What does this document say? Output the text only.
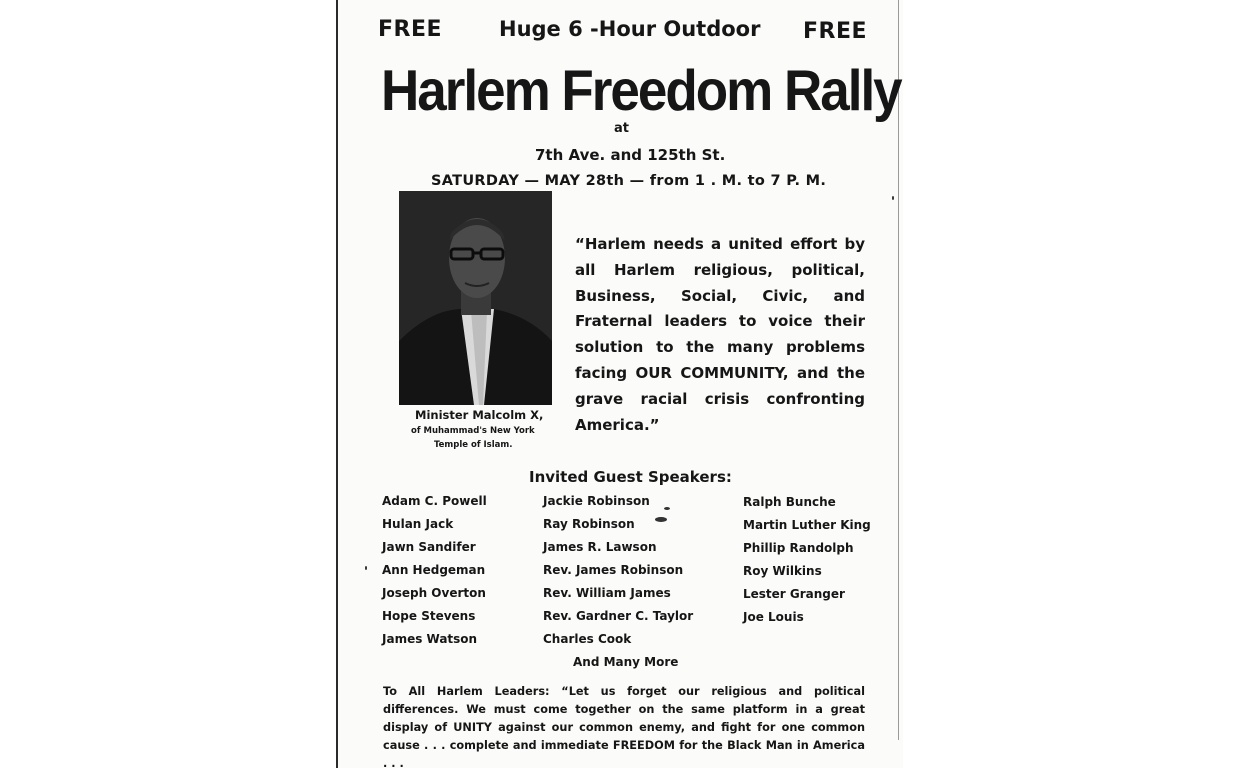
FREE	Huge 6 -Hour Outdoor FREE
Harlem Freedom Rally
at
7th Ave. and 125th St.
SATURDAY — MAY 28th — from 1 . M. to 7 P. M.
“Harlem needs a united effort by all Harlem religious, political, Business, Social, Civic, and Fraternal leaders to voice their solution to the many problems facing OUR COMMUNITY, and the grave racial crisis confronting America.”
Minister Malcolm X,
of Muhammad's New York
Temple of Islam.
Invited Guest Speakers:
Adam C. Powell
Hulan Jack
Jawn Sandifer
Ann Hedgeman
Joseph Overton
Hope Stevens
James Watson
Jackie Robinson
Ray Robinson
James R. Lawson
Rev. James Robinson
Rev. William James
Rev. Gardner C. Taylor
Charles Cook
Ralph Bunche
Martin Luther King
Phillip Randolph
Roy Wilkins
Lester Granger
Joe Louis
And Many More
To All Harlem Leaders: “Let us forget our religious and political differences. We must come together on the same platform in a great display of UNITY against our common enemy, and fight for one common cause . . . complete and immediate FREEDOM for the Black Man in America . . .
